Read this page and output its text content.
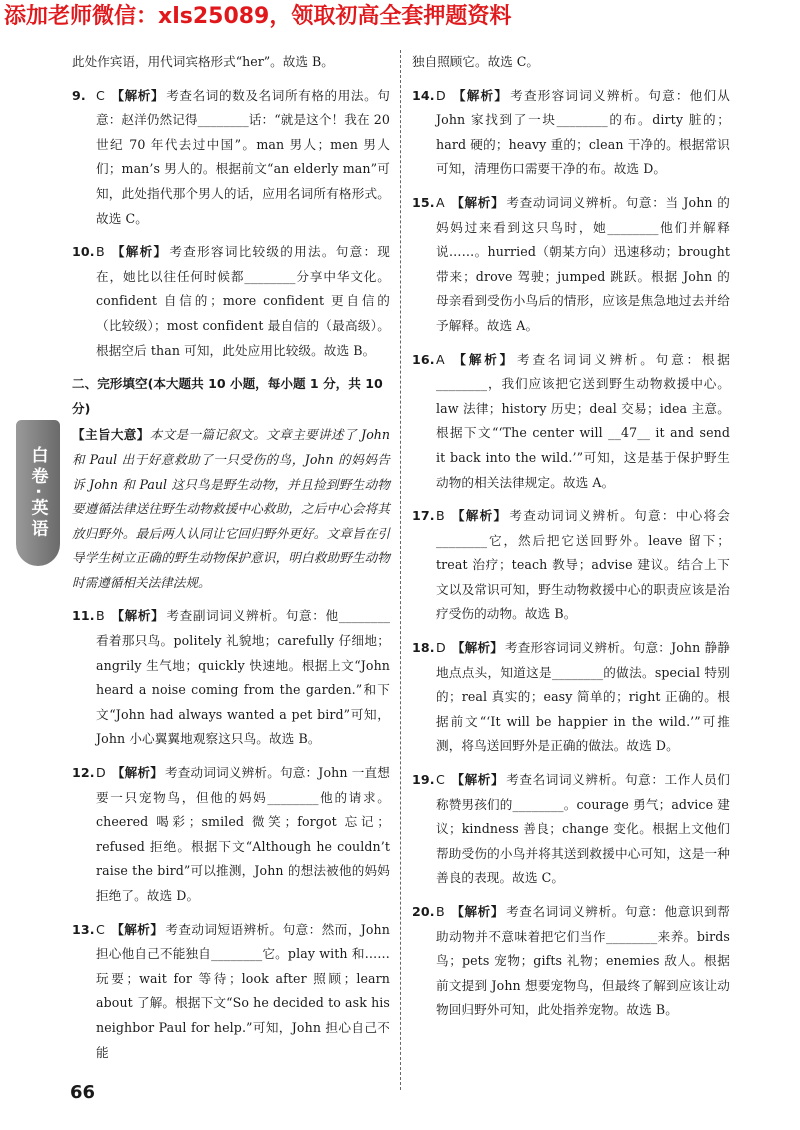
添加老师微信：xls25089，领取初高全套押题资料
白卷·英语

此处作宾语，用代词宾格形式“her”。故选 B。

9. C 【解析】 考查名词的数及名词所有格的用法。句意：赵洋仍然记得________话：“就是这个！我在 20 世纪 70 年代去过中国”。man 男人；men 男人们；man’s 男人的。根据前文“an elderly man”可知，此处指代那个男人的话，应用名词所有格形式。故选 C。

10.B 【解析】 考查形容词比较级的用法。句意：现在，她比以往任何时候都________分享中华文化。confident 自信的；more confident 更自信的（比较级）；most confident 最自信的（最高级）。根据空后 than 可知，此处应用比较级。故选 B。

二、完形填空(本大题共 10 小题，每小题 1 分，共 10 分)

【主旨大意】本文是一篇记叙文。文章主要讲述了 John 和 Paul 出于好意救助了一只受伤的鸟，John 的妈妈告诉 John 和 Paul 这只鸟是野生动物，并且捡到野生动物要遵循法律送往野生动物救援中心救助，之后中心会将其放归野外。最后两人认同让它回归野外更好。文章旨在引导学生树立正确的野生动物保护意识，明白救助野生动物时需遵循相关法律法规。

11.B 【解析】 考查副词词义辨析。句意：他________看着那只鸟。politely 礼貌地；carefully 仔细地；angrily 生气地；quickly 快速地。根据上文“John heard a noise coming from the garden.”和下文“John had always wanted a pet bird”可知，John 小心翼翼地观察这只鸟。故选 B。

12.D 【解析】 考查动词词义辨析。句意：John 一直想要一只宠物鸟，但他的妈妈________他的请求。cheered 喝彩；smiled 微笑；forgot 忘记；refused 拒绝。根据下文“Although he couldn’t raise the bird”可以推测，John 的想法被他的妈妈拒绝了。故选 D。

13.C 【解析】 考查动词短语辨析。句意：然而，John 担心他自己不能独自________它。play with 和……玩要；wait for 等待；look after 照顾；learn about 了解。根据下文“So he decided to ask his neighbor Paul for help.”可知，John 担心自己不能

独自照顾它。故选 C。

14.D 【解析】 考查形容词词义辨析。句意：他们从 John 家找到了一块________的布。dirty 脏的；hard 硬的；heavy 重的；clean 干净的。根据常识可知，清理伤口需要干净的布。故选 D。

15.A 【解析】 考查动词词义辨析。句意：当 John 的妈妈过来看到这只鸟时，她________他们并解释说……。hurried（朝某方向）迅速移动；brought 带来；drove 驾驶；jumped 跳跃。根据 John 的母亲看到受伤小鸟后的情形，应该是焦急地过去并给予解释。故选 A。

16.A 【解析】 考查名词词义辨析。句意：根据________，我们应该把它送到野生动物救援中心。law 法律；history 历史；deal 交易；idea 主意。根据下文“‘The center will __47__ it and send it back into the wild.’”可知，这是基于保护野生动物的相关法律规定。故选 A。

17.B 【解析】 考查动词词义辨析。句意：中心将会________它，然后把它送回野外。leave 留下；treat 治疗；teach 教导；advise 建议。结合上下文以及常识可知，野生动物救援中心的职责应该是治疗受伤的动物。故选 B。

18.D 【解析】 考查形容词词义辨析。句意：John 静静地点点头，知道这是________的做法。special 特别的；real 真实的；easy 简单的；right 正确的。根据前文“‘It will be happier in the wild.’”可推测，将鸟送回野外是正确的做法。故选 D。

19.C 【解析】 考查名词词义辨析。句意：工作人员们称赞男孩们的________。courage 勇气；advice 建议；kindness 善良；change 变化。根据上文他们帮助受伤的小鸟并将其送到救援中心可知，这是一种善良的表现。故选 C。

20.B 【解析】 考查名词词义辨析。句意：他意识到帮助动物并不意味着把它们当作________来养。birds 鸟；pets 宠物；gifts 礼物；enemies 敌人。根据前文提到 John 想要宠物鸟，但最终了解到应该让动物回归野外可知，此处指养宠物。故选 B。

66
